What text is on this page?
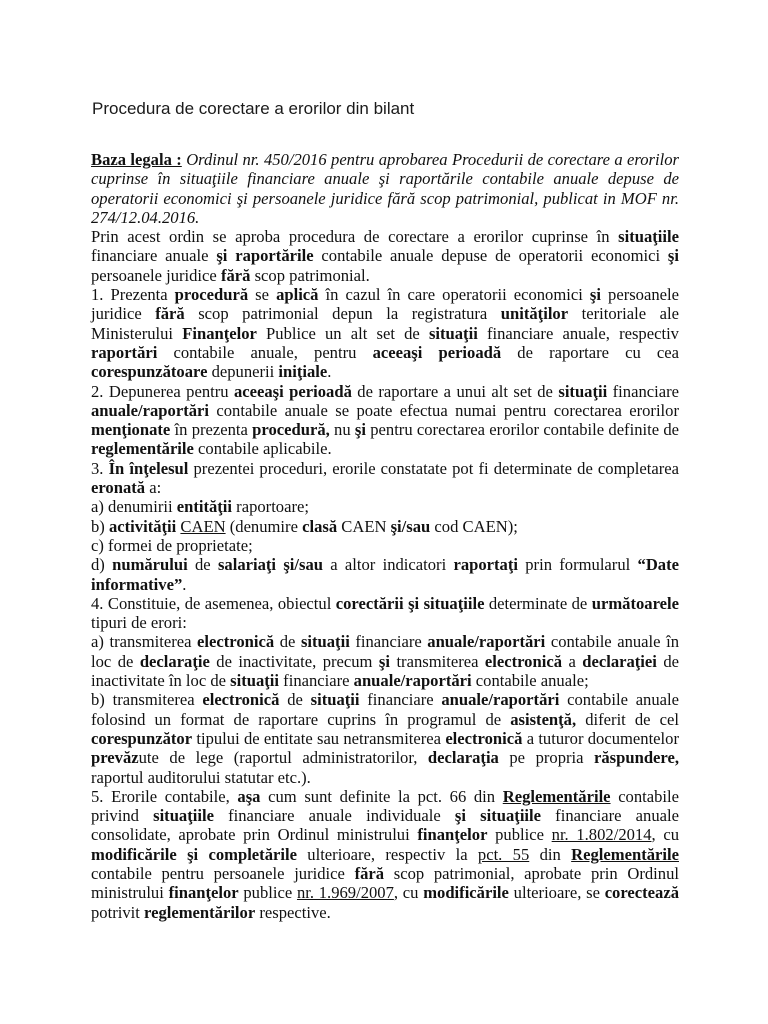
Procedura de corectare a erorilor din bilant

Baza legala : Ordinul nr. 450/2016 pentru aprobarea Procedurii de corectare a erorilor cuprinse în situaţiile financiare anuale şi raportările contabile anuale depuse de operatorii economici şi persoanele juridice fără scop patrimonial, publicat in MOF nr. 274/12.04.2016.

Prin acest ordin se aproba procedura de corectare a erorilor cuprinse în situaţiile financiare anuale şi raportările contabile anuale depuse de operatorii economici şi persoanele juridice fără scop patrimonial.

1. Prezenta procedură se aplică în cazul în care operatorii economici şi persoanele juridice fără scop patrimonial depun la registratura unităţilor teritoriale ale Ministerului Finanţelor Publice un alt set de situaţii financiare anuale, respectiv raportări contabile anuale, pentru aceeaşi perioadă de raportare cu cea corespunzătoare depunerii iniţiale.

2. Depunerea pentru aceeaşi perioadă de raportare a unui alt set de situaţii financiare anuale/raportări contabile anuale se poate efectua numai pentru corectarea erorilor menţionate în prezenta procedură, nu şi pentru corectarea erorilor contabile definite de reglementările contabile aplicabile.

3. În înţelesul prezentei proceduri, erorile constatate pot fi determinate de completarea eronată a:

a) denumirii entităţii raportoare;

b) activităţii CAEN (denumire clasă CAEN şi/sau cod CAEN);

c) formei de proprietate;

d) numărului de salariaţi şi/sau a altor indicatori raportaţi prin formularul “Date informative”.

4. Constituie, de asemenea, obiectul corectării şi situaţiile determinate de următoarele tipuri de erori:

a) transmiterea electronică de situaţii financiare anuale/raportări contabile anuale în loc de declaraţie de inactivitate, precum şi transmiterea electronică a declaraţiei de inactivitate în loc de situaţii financiare anuale/raportări contabile anuale;

b) transmiterea electronică de situaţii financiare anuale/raportări contabile anuale folosind un format de raportare cuprins în programul de asistenţă, diferit de cel corespunzător tipului de entitate sau netransmiterea electronică a tuturor documentelor prevăzute de lege (raportul administratorilor, declaraţia pe propria răspundere, raportul auditorului statutar etc.).

5. Erorile contabile, aşa cum sunt definite la pct. 66 din Reglementările contabile privind situaţiile financiare anuale individuale şi situaţiile financiare anuale consolidate, aprobate prin Ordinul ministrului finanţelor publice nr. 1.802/2014, cu modificările şi completările ulterioare, respectiv la pct. 55 din Reglementările contabile pentru persoanele juridice fără scop patrimonial, aprobate prin Ordinul ministrului finanţelor publice nr. 1.969/2007, cu modificările ulterioare, se corectează potrivit reglementărilor respective.
